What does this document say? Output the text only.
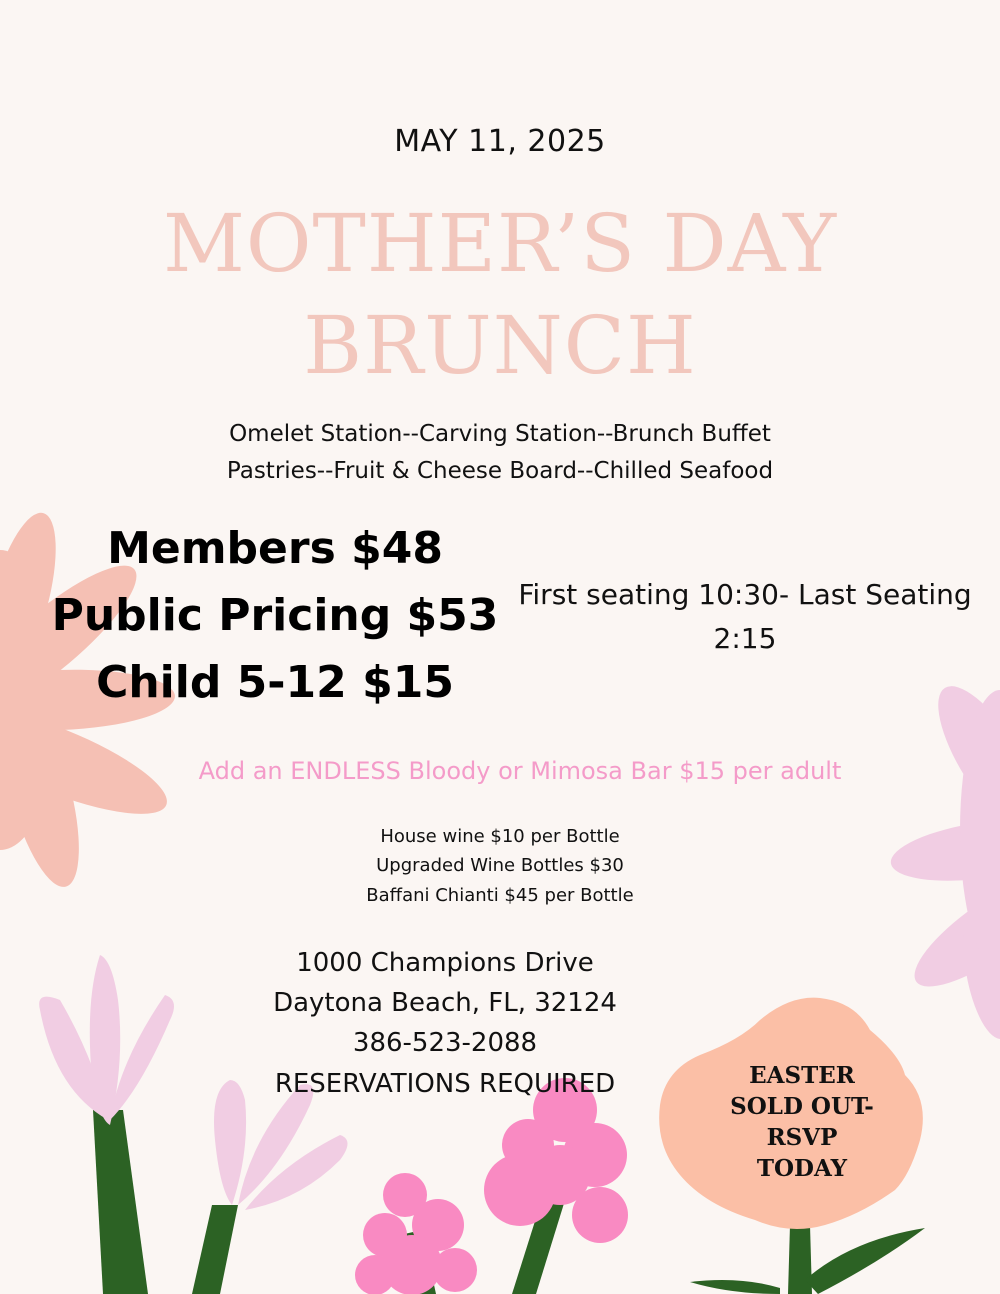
MAY 11, 2025
MOTHER’S DAY
BRUNCH
Omelet Station--Carving Station--Brunch Buffet
Pastries--Fruit & Cheese Board--Chilled Seafood
Members $48
Public Pricing $53
Child 5-12 $15
First seating 10:30- Last Seating 2:15
Add an ENDLESS Bloody or Mimosa Bar $15 per adult
House wine $10 per Bottle
Upgraded Wine Bottles $30
Baffani Chianti $45 per Bottle
1000 Champions Drive
Daytona Beach, FL, 32124
386-523-2088
RESERVATIONS REQUIRED	EASTER
SOLD OUT-
RSVP
TODAY
